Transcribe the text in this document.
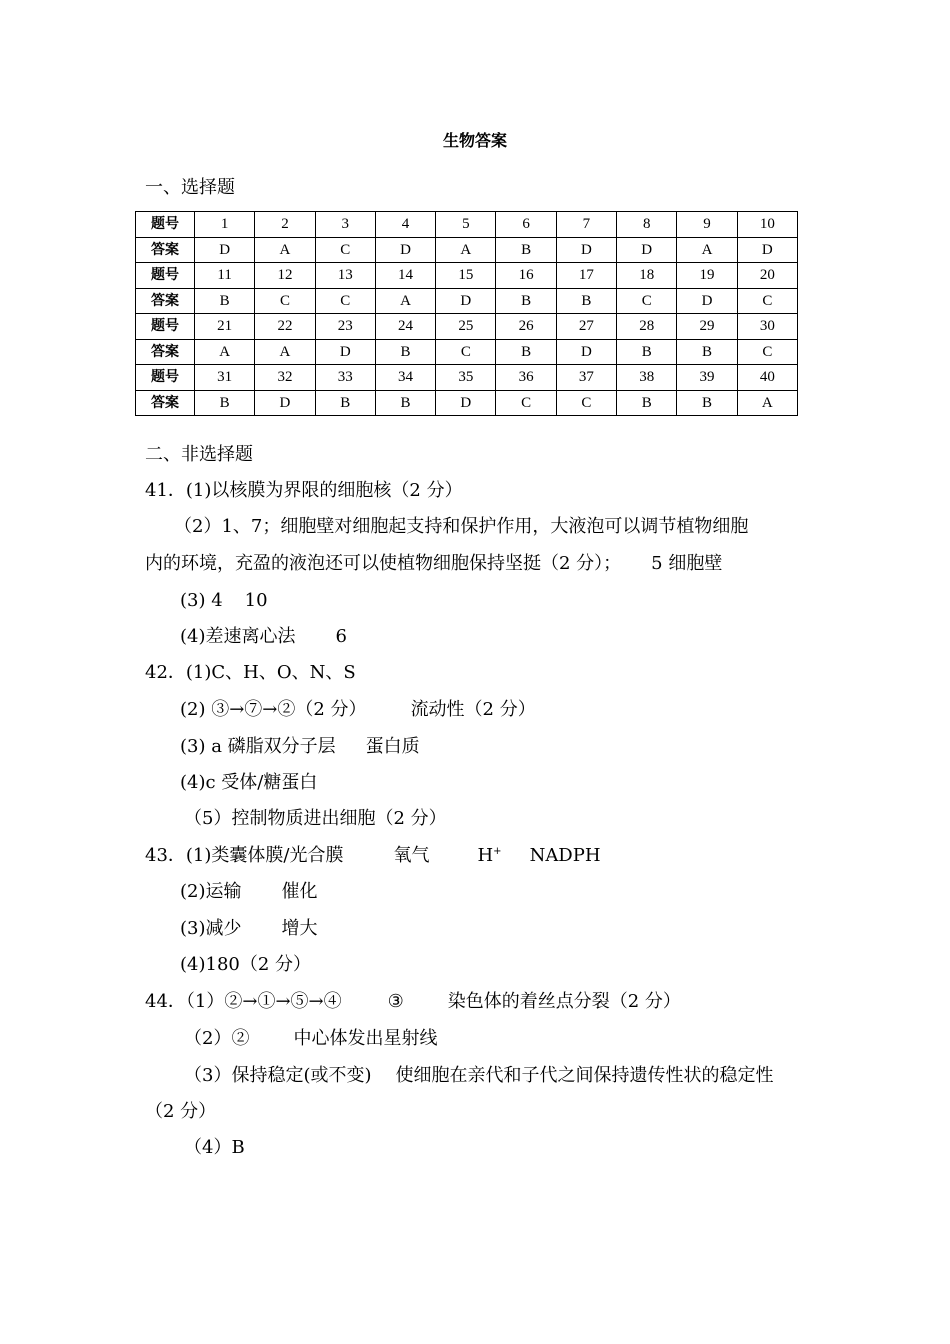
生物答案
一、选择题
题号	1	2	3	4	5	6	7	8	9	10
答案	D	A	C	D	A	B	D	D	A	D
题号	11	12	13	14	15	16	17	18	19	20
答案	B	C	C	A	D	B	B	C	D	C
题号	21	22	23	24	25	26	27	28	29	30
答案	A	A	D	B	C	B	D	B	B	C
题号	31	32	33	34	35	36	37	38	39	40
答案	B	D	B	B	D	C	C	B	B	A
二、非选择题
41．(1)以核膜为界限的细胞核（2 分）
（2）1、7；细胞壁对细胞起支持和保护作用，大液泡可以调节植物细胞
内的环境，充盈的液泡还可以使植物细胞保持坚挺（2 分）； 5 细胞壁
(3) 4 10
(4)差速离心法 6
42．(1)C、H、O、N、S
(2) ③→⑦→②（2 分） 流动性（2 分）
(3) a 磷脂双分子层 蛋白质
(4)c 受体/糖蛋白
（5）控制物质进出细胞（2 分）
43．(1)类囊体膜/光合膜	氧气	H+ NADPH
(2)运输 催化
(3)减少 增大
(4)180（2 分）
44．（1）②→①→⑤→④	③ 染色体的着丝点分裂（2 分）
（2）② 中心体发出星射线
（3）保持稳定(或不变) 使细胞在亲代和子代之间保持遗传性状的稳定性
（2 分）
（4）B
